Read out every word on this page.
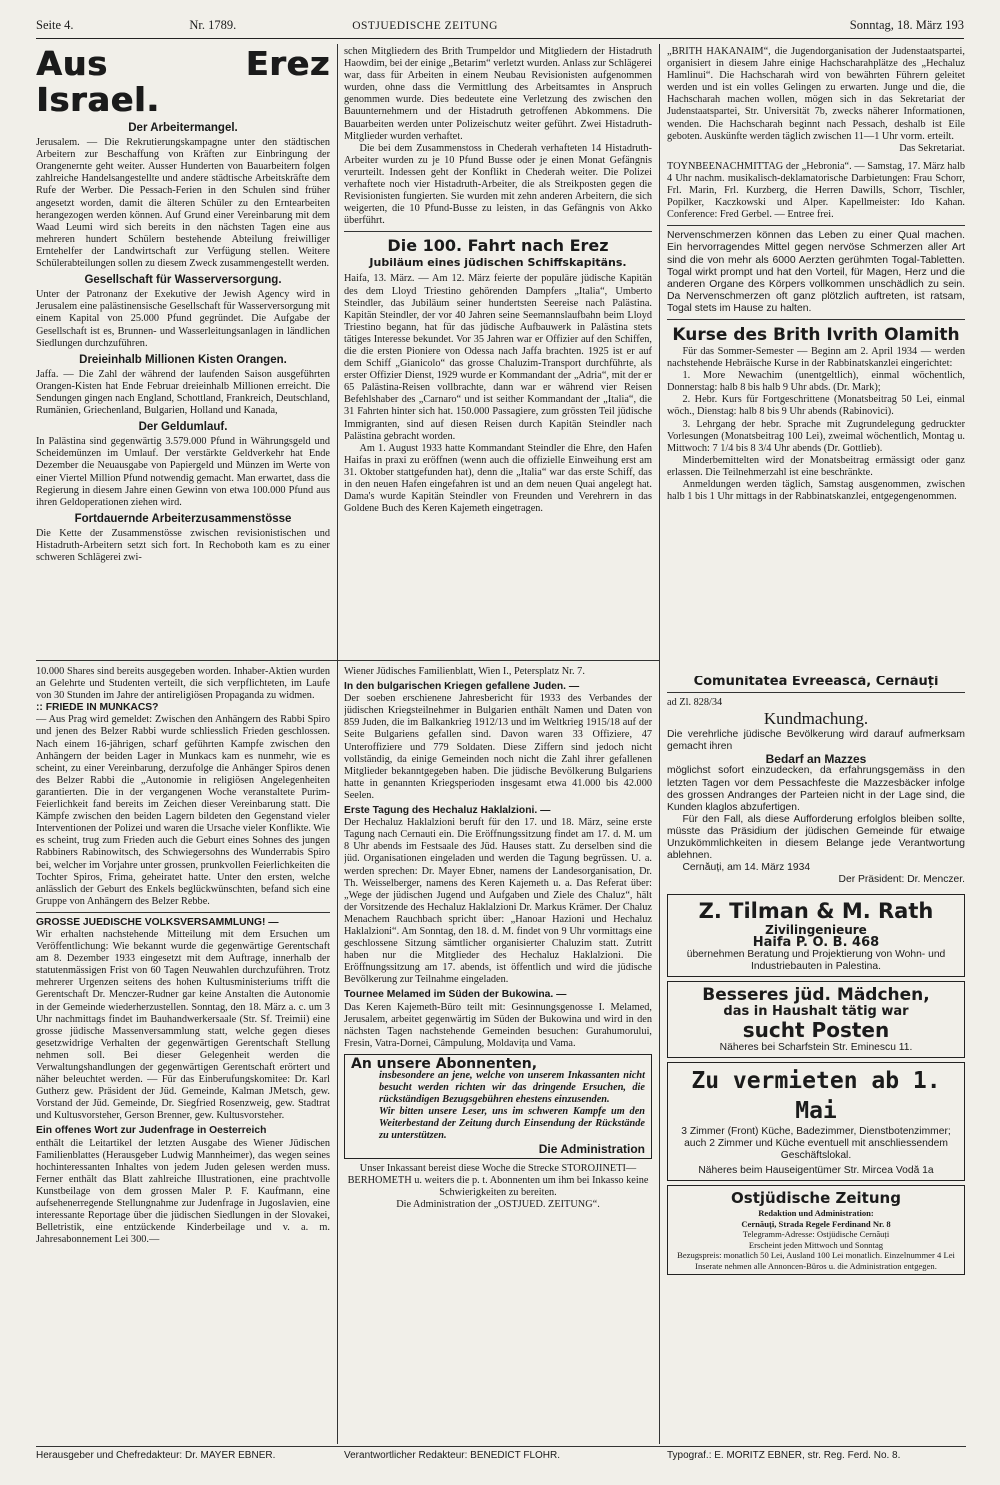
Seite 4.	Nr. 1789.	OSTJUEDISCHE ZEITUNG	Sonntag, 18. März 193
Aus Erez Israel.
Der Arbeitermangel.

Jerusalem. — Die Rekrutierungskampagne unter den städtischen Arbeitern zur Beschaffung von Kräften zur Einbringung der Orangenernte geht weiter. Ausser Hunderten von Bauarbeitern folgen zahlreiche Handelsangestellte und andere städtische Arbeitskräfte dem Rufe der Werber. Die Pessach-Ferien in den Schulen sind früher angesetzt worden, damit die älteren Schüler zu den Erntearbeiten herangezogen werden können. Auf Grund einer Vereinbarung mit dem Waad Leumi wird sich bereits in den nächsten Tagen eine aus mehreren hundert Schülern bestehende Abteilung freiwilliger Erntehelfer der Landwirtschaft zur Verfügung stellen. Weitere Schülerabteilungen sollen zu diesem Zweck zusammengestellt werden.

Gesellschaft für Wasserversorgung.

Unter der Patronanz der Exekutive der Jewish Agency wird in Jerusalem eine palästinensische Gesellschaft für Wasserversorgung mit einem Kapital von 25.000 Pfund gegründet. Die Aufgabe der Gesellschaft ist es, Brunnen- und Wasserleitungsanlagen in ländlichen Siedlungen durchzuführen.

Dreieinhalb Millionen Kisten Orangen.

Jaffa. — Die Zahl der während der laufenden Saison ausgeführten Orangen-Kisten hat Ende Februar dreieinhalb Millionen erreicht. Die Sendungen gingen nach England, Schottland, Frankreich, Deutschland, Rumänien, Griechenland, Bulgarien, Holland und Kanada,

Der Geldumlauf.

In Palästina sind gegenwärtig 3.579.000 Pfund in Währungsgeld und Scheidemünzen im Umlauf. Der verstärkte Geldverkehr hat Ende Dezember die Neuausgabe von Papiergeld und Münzen im Werte von einer Viertel Million Pfund notwendig gemacht. Man erwartet, dass die Regierung in diesem Jahre einen Gewinn von etwa 100.000 Pfund aus ihren Geldoperationen ziehen wird.

Fortdauernde Arbeiterzusammenstösse

Die Kette der Zusammenstösse zwischen revisionistischen und Histadruth-Arbeitern setzt sich fort. In Rechoboth kam es zu einer schweren Schlägerei zwi-

schen Mitgliedern des Brith Trumpeldor und Mitgliedern der Histadruth Haowdim, bei der einige „Betarim“ verletzt wurden. Anlass zur Schlägerei war, dass für Arbeiten in einem Neubau Revisionisten aufgenommen wurden, ohne dass die Vermittlung des Arbeitsamtes in Anspruch genommen wurde. Dies bedeutete eine Verletzung des zwischen den Bauunternehmern und der Histadruth getroffenen Abkommens. Die Bauarbeiten werden unter Polizeischutz weiter geführt. Zwei Histadruth-Mitglieder wurden verhaftet.

Die bei dem Zusammenstoss in Chederah verhafteten 14 Histadruth-Arbeiter wurden zu je 10 Pfund Busse oder je einen Monat Gefängnis verurteilt. Indessen geht der Konflikt in Chederah weiter. Die Polizei verhaftete noch vier Histadruth-Arbeiter, die als Streikposten gegen die Revisionisten fungierten. Sie wurden mit zehn anderen Arbeitern, die sich weigerten, die 10 Pfund-Busse zu leisten, in das Gefängnis von Akko überführt.

Die 100. Fahrt nach Erez
Jubiläum eines jüdischen Schiffskapitäns.

Haifa, 13. März. — Am 12. März feierte der populäre jüdische Kapitän des dem Lloyd Triestino gehörenden Dampfers „Italia“, Umberto Steindler, das Jubiläum seiner hundertsten Seereise nach Palästina. Kapitän Steindler, der vor 40 Jahren seine Seemannslaufbahn beim Lloyd Triestino begann, hat für das jüdische Aufbauwerk in Palästina stets tätiges Interesse bekundet. Vor 35 Jahren war er Offizier auf den Schiffen, die die ersten Pioniere von Odessa nach Jaffa brachten. 1925 ist er auf dem Schiff „Gianicolo“ das grosse Chaluzim-Transport durchführte, als erster Offizier Dienst, 1929 wurde er Kommandant der „Adria“, mit der er 65 Palästina-Reisen vollbrachte, dann war er während vier Reisen Befehlshaber des „Carnaro“ und ist seither Kommandant der „Italia“, die 31 Fahrten hinter sich hat. 150.000 Passagiere, zum grössten Teil jüdische Immigranten, sind auf diesen Reisen durch Kapitän Steindler nach Palästina gebracht worden.

Am 1. August 1933 hatte Kommandant Steindler die Ehre, den Hafen Haifas in praxi zu eröffnen (wenn auch die offizielle Einweihung erst am 31. Oktober stattgefunden hat), denn die „Italia“ war das erste Schiff, das in den neuen Hafen eingefahren ist und an dem neuen Quai angelegt hat. Dama's wurde Kapitän Steindler von Freunden und Verehrern in das Goldene Buch des Keren Kajemeth eingetragen.

„BRITH HAKANAIM“, die Jugendorganisation der Judenstaatspartei, organisiert in diesem Jahre einige Hachscharahplätze des „Hechaluz Hamlinui“. Die Hachscharah wird von bewährten Führern geleitet werden und ist ein volles Gelingen zu erwarten. Junge und die, die Hachscharah machen wollen, mögen sich in das Sekretariat der Judenstaatspartei, Str. Universität 7b, zwecks näherer Informationen, wenden. Die Hachscharah beginnt nach Pessach, deshalb ist Eile geboten. Auskünfte werden täglich zwischen 11—1 Uhr vorm. erteilt.

Das Sekretariat.

TOYNBEENACHMITTAG der „Hebronia“. — Samstag, 17. März halb 4 Uhr nachm. musikalisch-deklamatorische Darbietungen: Frau Schorr, Frl. Marin, Frl. Kurzberg, die Herren Dawills, Schorr, Tischler, Popilker, Kaczkowski und Alper. Kapellmeister: Ido Kahan. Conference: Fred Gerbel. — Entree frei.

Nervenschmerzen können das Leben zu einer Qual machen. Ein hervorragendes Mittel gegen nervöse Schmerzen aller Art sind die von mehr als 6000 Aerzten gerühmten Togal-Tabletten. Togal wirkt prompt und hat den Vorteil, für Magen, Herz und die anderen Organe des Körpers vollkommen unschädlich zu sein. Da Nervenschmerzen oft ganz plötzlich auftreten, ist ratsam, Togal stets im Hause zu halten.

Kurse des Brith Ivrith Olamith

Für das Sommer-Semester — Beginn am 2. April 1934 — werden nachstehende Hebräische Kurse in der Rabbinatskanzlei eingerichtet:

1. More Newachim (unentgeltlich), einmal wöchentlich, Donnerstag: halb 8 bis halb 9 Uhr abds. (Dr. Mark);

2. Hebr. Kurs für Fortgeschrittene (Monatsbeitrag 50 Lei, einmal wöch., Dienstag: halb 8 bis 9 Uhr abends (Rabinovici).

3. Lehrgang der hebr. Sprache mit Zugrundelegung gedruckter Vorlesungen (Monatsbeitrag 100 Lei), zweimal wöchentlich, Montag u. Mittwoch: 7 1/4 bis 8 3/4 Uhr abends (Dr. Gottlieb).

Minderbemittelten wird der Monatsbeitrag ermässigt oder ganz erlassen. Die Teilnehmerzahl ist eine beschränkte.

Anmeldungen werden täglich, Samstag ausgenommen, zwischen halb 1 bis 1 Uhr mittags in der Rabbinatskanzlei, entgegengenommen.

10.000 Shares sind bereits ausgegeben worden. Inhaber-Aktien wurden an Gelehrte und Studenten verteilt, die sich verpflichteten, im Laufe von 30 Stunden im Jahre der antireligiösen Propaganda zu widmen.

:: FRIEDE IN MUNKACS?

— Aus Prag wird gemeldet: Zwischen den Anhängern des Rabbi Spiro und jenen des Belzer Rabbi wurde schliesslich Frieden geschlossen. Nach einem 16-jährigen, scharf geführten Kampfe zwischen den Anhängern der beiden Lager in Munkacs kam es nunmehr, wie es scheint, zu einer Vereinbarung, derzufolge die Anhänger Spiros denen des Belzer Rabbi die „Autonomie in religiösen Angelegenheiten garantierten. Die in der vergangenen Woche veranstaltete Purim-Feierlichkeit fand bereits im Zeichen dieser Vereinbarung statt. Die Kämpfe zwischen den beiden Lagern bildeten den Gegenstand vieler Interventionen der Polizei und waren die Ursache vieler Konflikte. Wie es scheint, trug zum Frieden auch die Geburt eines Sohnes des jungen Rabbiners Rabinowitsch, des Schwiegersohns des Wunderrabis Spiro bei, welcher im Vorjahre unter grossen, prunkvollen Feierlichkeiten die Tochter Spiros, Frima, geheiratet hatte. Unter den ersten, welche anlässlich der Geburt des Enkels beglückwünschten, befand sich eine Gruppe von Anhängern des Belzer Rebbe.

GROSSE JUEDISCHE VOLKSVERSAMMLUNG! —

Wir erhalten nachstehende Mitteilung mit dem Ersuchen um Veröffentlichung: Wie bekannt wurde die gegenwärtige Gerentschaft am 8. Dezember 1933 eingesetzt mit dem Auftrage, innerhalb der statutenmässigen Frist von 60 Tagen Neuwahlen durchzuführen. Trotz mehrerer Urgenzen seitens des hohen Kultusministeriums trifft die Gerentschaft Dr. Menczer-Rudner gar keine Anstalten die Autonomie in der Gemeinde wiederherzustellen. Sonntag, den 18. März a. c. um 3 Uhr nachmittags findet im Bauhandwerkersaale (Str. Sf. Treimii) eine grosse jüdische Massenversammlung statt, welche gegen dieses gesetzwidrige Verhalten der gegenwärtigen Gerentschaft Stellung nehmen soll. Bei dieser Gelegenheit werden die Verwaltungshandlungen der gegenwärtigen Gerentschaft erörtert und näher beleuchtet werden. — Für das Einberufungskomitee: Dr. Karl Gutherz gew. Präsident der Jüd. Gemeinde, Kalman JMetsch, gew. Vorstand der Jüd. Gemeinde, Dr. Siegfried Rosenzweig, gew. Stadtrat und Kultusvorsteher, Gerson Brenner, gew. Kultusvorsteher.

Ein offenes Wort zur Judenfrage in Oesterreich

enthält die Leitartikel der letzten Ausgabe des Wiener Jüdischen Familienblattes (Herausgeber Ludwig Mannheimer), das wegen seines hochinteressanten Inhaltes von jedem Juden gelesen werden muss. Ferner enthält das Blatt zahlreiche Illustrationen, eine prachtvolle Kunstbeilage von dem grossen Maler P. F. Kaufmann, eine aufsehenerregende Stellungnahme zur Judenfrage in Jugoslavien, eine interessante Reportage über die jüdischen Siedlungen in der Slovakei, Belletristik, eine entzückende Kinderbeilage und v. a. m. Jahresabonnement Lei 300.—

Wiener Jüdisches Familienblatt, Wien I., Petersplatz Nr. 7.

In den bulgarischen Kriegen gefallene Juden. —

Der soeben erschienene Jahresbericht für 1933 des Verbandes der jüdischen Kriegsteilnehmer in Bulgarien enthält Namen und Daten von 859 Juden, die im Balkankrieg 1912/13 und im Weltkrieg 1915/18 auf der Seite Bulgariens gefallen sind. Davon waren 33 Offiziere, 47 Unteroffiziere und 779 Soldaten. Diese Ziffern sind jedoch nicht vollständig, da einige Gemeinden noch nicht die Zahl ihrer gefallenen Mitglieder bekanntgegeben haben. Die jüdische Bevölkerung Bulgariens hatte in genannten Kriegsperioden insgesamt etwa 41.000 bis 42.000 Seelen.

Erste Tagung des Hechaluz Haklalzioni. —

Der Hechaluz Haklalzioni beruft für den 17. und 18. März, seine erste Tagung nach Cernauti ein. Die Eröffnungssitzung findet am 17. d. M. um 8 Uhr abends im Festsaale des Jüd. Hauses statt. Zu derselben sind die jüd. Organisationen eingeladen und werden die Tagung begrüssen. U. a. werden sprechen: Dr. Mayer Ebner, namens der Landesorganisation, Dr. Th. Weisselberger, namens des Keren Kajemeth u. a. Das Referat über: „Wege der jüdischen Jugend und Aufgaben und Ziele des Chaluz“, hält der Vorsitzende des Hechaluz Haklalzioni Dr. Markus Krämer. Der Chaluz Menachem Rauchbach spricht über: „Hanoar Hazioni und Hechaluz Haklalzioni“. Am Sonntag, den 18. d. M. findet von 9 Uhr vormittags eine geschlossene Sitzung sämtlicher organisierter Chaluzim statt. Zutritt haben nur die Mitglieder des Hechaluz Haklalzioni. Die Eröffnungssitzung am 17. abends, ist öffentlich und wird die jüdische Bevölkerung zur Teilnahme eingeladen.

Tournee Melamed im Süden der Bukowina. —

Das Keren Kajemeth-Büro teilt mit: Gesinnungsgenosse I. Melamed, Jerusalem, arbeitet gegenwärtig im Süden der Bukowina und wird in den nächsten Tagen nachstehende Gemeinden besuchen: Gurahumorului, Fresin, Vatra-Dornei, Câmpulung, Moldavița und Vama.

An unsere Abonnenten,

insbesondere an jene, welche von unserem Inkassanten nicht besucht werden richten wir das dringende Ersuchen, die rückständigen Bezugsgebühren ehestens einzusenden.

Wir bitten unsere Leser, uns im schweren Kampfe um den Weiterbestand der Zeitung durch Einsendung der Rückstände zu unterstützen.

Die Administration

Unser Inkassant bereist diese Woche die Strecke STOROJINETI—BERHOMETH u. weiters die p. t. Abonnenten um ihm bei Inkasso keine Schwierigkeiten zu bereiten.

Die Administration der „OSTJUED. ZEITUNG“.

Comunitatea Evreească, Cernăuți

ad Zl. 828/34

Kundmachung.

Die verehrliche jüdische Bevölkerung wird darauf aufmerksam gemacht ihren

Bedarf an Mazzes

möglichst sofort einzudecken, da erfahrungsgemäss in den letzten Tagen vor dem Pessachfeste die Mazzesbäcker infolge des grossen Andranges der Parteien nicht in der Lage sind, die Kunden klaglos abzufertigen.

Für den Fall, als diese Aufforderung erfolglos bleiben sollte, müsste das Präsidium der jüdischen Gemeinde für etwaige Unzukömmlichkeiten in diesem Belange jede Verantwortung ablehnen.

Cernăuți, am 14. März 1934

Der Präsident: Dr. Menczer.

Z. Tilman & M. Rath
Zivilingenieure
Haifa P. O. B. 468

übernehmen Beratung und Projektierung von Wohn- und Industriebauten in Palestina.

Besseres jüd. Mädchen,
das in Haushalt tätig war
sucht Posten

Näheres bei Scharfstein Str. Eminescu 11.

Zu vermieten ab 1. Mai

3 Zimmer (Front) Küche, Badezimmer, Dienstbotenzimmer; auch 2 Zimmer und Küche eventuell mit anschliessendem Geschäftslokal.

Näheres beim Hauseigentümer Str. Mircea Vodă 1a

Ostjüdische Zeitung

Redaktion und Administration:

Cernăuți, Strada Regele Ferdinand Nr. 8

Telegramm-Adresse: Ostjüdische Cernăuți

Erscheint jeden Mittwoch und Sonntag

Bezugspreis: monatlich 50 Lei, Ausland 100 Lei monatlich. Einzelnummer 4 Lei

Inserate nehmen alle Annoncen-Büros u. die Administration entgegen.

Herausgeber und Chefredakteur: Dr. MAYER EBNER.	Verantwortlicher Redakteur: BENEDICT FLOHR.	Typograf.: E. MORITZ EBNER, str. Reg. Ferd. No. 8.
